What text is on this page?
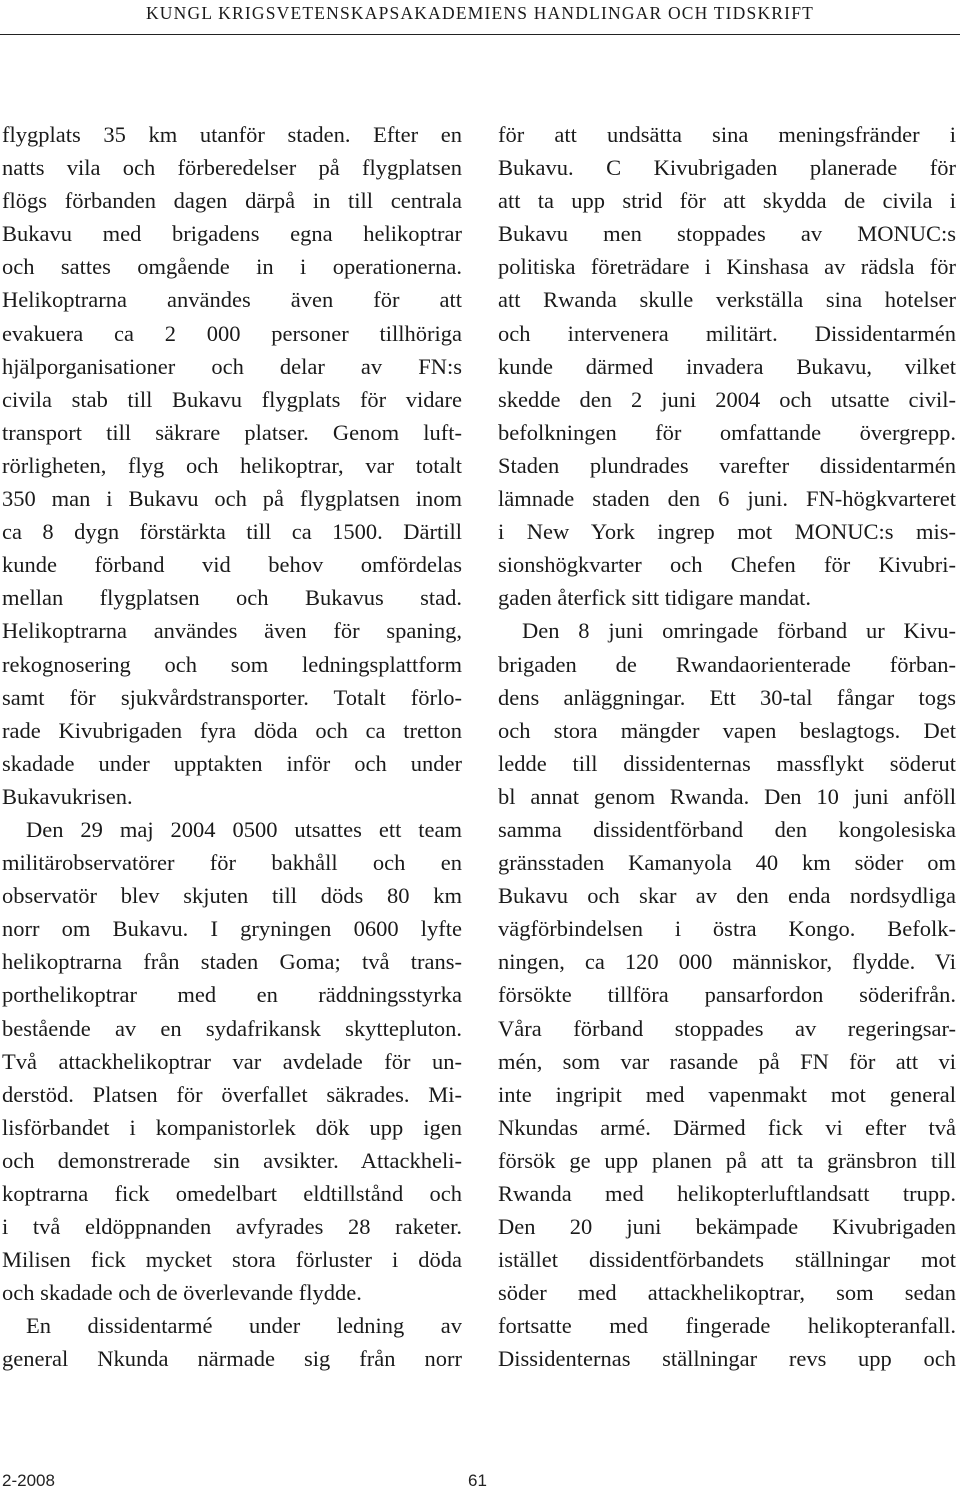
KUNGL KRIGSVETENSKAPSAKADEMIENS HANDLINGAR OCH TIDSKRIFT
flygplats 35 km utanför staden. Efter en
natts vila och förberedelser på flygplatsen
flögs förbanden dagen därpå in till centrala
Bukavu med brigadens egna helikoptrar
och sattes omgående in i operationerna.
Helikoptrarna användes även för att
evakuera ca 2 000 personer tillhöriga
hjälporganisationer och delar av FN:s
civila stab till Bukavu flygplats för vidare
transport till säkrare platser. Genom luft-
rörligheten, flyg och helikoptrar, var totalt
350 man i Bukavu och på flygplatsen inom
ca 8 dygn förstärkta till ca 1500. Därtill
kunde förband vid behov omfördelas
mellan flygplatsen och Bukavus stad.
Helikoptrarna användes även för spaning,
rekognosering och som ledningsplattform
samt för sjukvårdstransporter. Totalt förlo-
rade Kivubrigaden fyra döda och ca tretton
skadade under upptakten inför och under
Bukavukrisen.
Den 29 maj 2004 0500 utsattes ett team
militärobservatörer för bakhåll och en
observatör blev skjuten till döds 80 km
norr om Bukavu. I gryningen 0600 lyfte
helikoptrarna från staden Goma; två trans-
porthelikoptrar med en räddningsstyrka
bestående av en sydafrikansk skyttepluton.
Två attackhelikoptrar var avdelade för un-
derstöd. Platsen för överfallet säkrades. Mi-
lisförbandet i kompanistorlek dök upp igen
och demonstrerade sin avsikter. Attackheli-
koptrarna fick omedelbart eldtillstånd och
i två eldöppnanden avfyrades 28 raketer.
Milisen fick mycket stora förluster i döda
och skadade och de överlevande flydde.
En dissidentarmé under ledning av
general Nkunda närmade sig från norr
för att undsätta sina meningsfränder i
Bukavu. C Kivubrigaden planerade för
att ta upp strid för att skydda de civila i
Bukavu men stoppades av MONUC:s
politiska företrädare i Kinshasa av rädsla för
att Rwanda skulle verkställa sina hotelser
och intervenera militärt. Dissidentarmén
kunde därmed invadera Bukavu, vilket
skedde den 2 juni 2004 och utsatte civil-
befolkningen för omfattande övergrepp.
Staden plundrades varefter dissidentarmén
lämnade staden den 6 juni. FN-högkvarteret
i New York ingrep mot MONUC:s mis-
sionshögkvarter och Chefen för Kivubri-
gaden återfick sitt tidigare mandat.
Den 8 juni omringade förband ur Kivu-
brigaden de Rwandaorienterade förban-
dens anläggningar. Ett 30-tal fångar togs
och stora mängder vapen beslagtogs. Det
ledde till dissidenternas massflykt söderut
bl annat genom Rwanda. Den 10 juni anföll
samma dissidentförband den kongolesiska
gränsstaden Kamanyola 40 km söder om
Bukavu och skar av den enda nordsydliga
vägförbindelsen i östra Kongo. Befolk-
ningen, ca 120 000 människor, flydde. Vi
försökte tillföra pansarfordon söderifrån.
Våra förband stoppades av regeringsar-
mén, som var rasande på FN för att vi
inte ingripit med vapenmakt mot general
Nkundas armé. Därmed fick vi efter två
försök ge upp planen på att ta gränsbron till
Rwanda med helikopterluftlandsatt trupp.
Den 20 juni bekämpade Kivubrigaden
istället dissidentförbandets ställningar mot
söder med attackhelikoptrar, som sedan
fortsatte med fingerade helikopteranfall.
Dissidenternas ställningar revs upp och
2-2008	61
